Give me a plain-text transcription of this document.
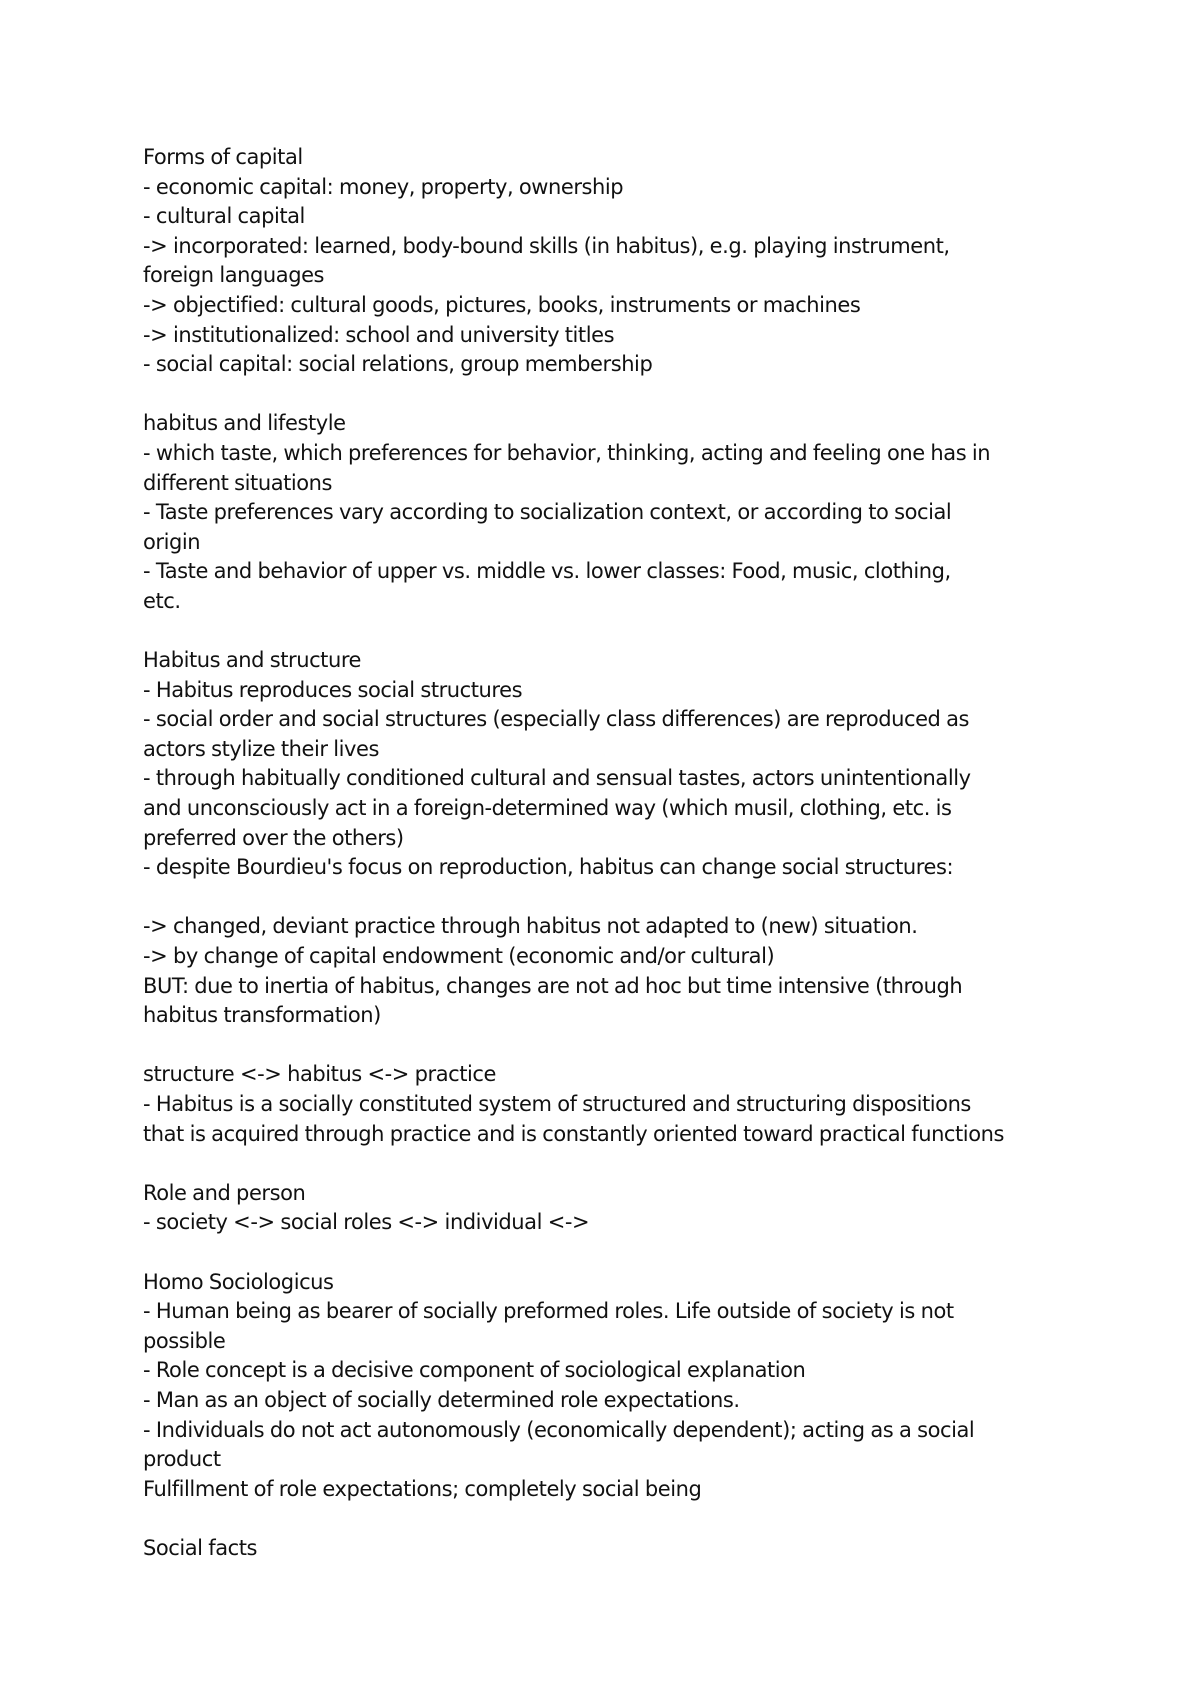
Forms of capital
- economic capital: money, property, ownership
- cultural capital
-> incorporated: learned, body-bound skills (in habitus), e.g. playing instrument,
foreign languages
-> objectified: cultural goods, pictures, books, instruments or machines
-> institutionalized: school and university titles
- social capital: social relations, group membership
habitus and lifestyle
- which taste, which preferences for behavior, thinking, acting and feeling one has in
different situations
- Taste preferences vary according to socialization context, or according to social
origin
- Taste and behavior of upper vs. middle vs. lower classes: Food, music, clothing,
etc.
Habitus and structure
- Habitus reproduces social structures
- social order and social structures (especially class differences) are reproduced as
actors stylize their lives
- through habitually conditioned cultural and sensual tastes, actors unintentionally
and unconsciously act in a foreign-determined way (which musil, clothing, etc. is
preferred over the others)
- despite Bourdieu's focus on reproduction, habitus can change social structures:
-> changed, deviant practice through habitus not adapted to (new) situation.
-> by change of capital endowment (economic and/or cultural)
BUT: due to inertia of habitus, changes are not ad hoc but time intensive (through
habitus transformation)
structure <-> habitus <-> practice
- Habitus is a socially constituted system of structured and structuring dispositions
that is acquired through practice and is constantly oriented toward practical functions
Role and person
- society <-> social roles <-> individual <->
Homo Sociologicus
- Human being as bearer of socially preformed roles. Life outside of society is not
possible
- Role concept is a decisive component of sociological explanation
- Man as an object of socially determined role expectations.
- Individuals do not act autonomously (economically dependent); acting as a social
product
Fulfillment of role expectations; completely social being
Social facts
